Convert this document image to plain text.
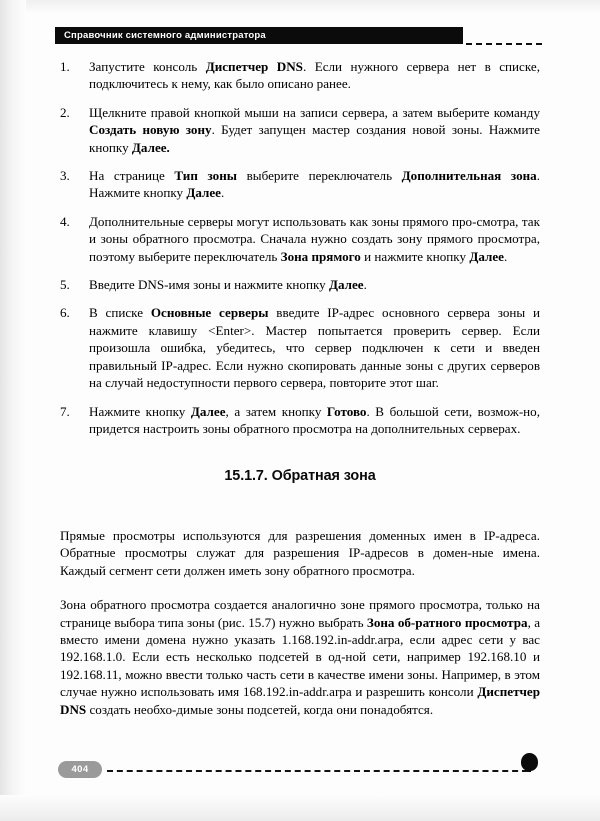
Справочник системного администратора
1.	Запустите консоль Диспетчер DNS. Если нужного сервера нет в списке, подключитесь к нему, как было описано ранее.
2.	Щелкните правой кнопкой мыши на записи сервера, а затем выберите команду Создать новую зону. Будет запущен мастер создания новой зоны. Нажмите кнопку Далее.
3.	На странице Тип зоны выберите переключатель Дополнительная зона. Нажмите кнопку Далее.
4.	Дополнительные серверы могут использовать как зоны прямого про-смотра, так и зоны обратного просмотра. Сначала нужно создать зону прямого просмотра, поэтому выберите переключатель Зона прямого и нажмите кнопку Далее.
5.	Введите DNS-имя зоны и нажмите кнопку Далее.
6.	В списке Основные серверы введите IP-адрес основного сервера зоны и нажмите клавишу <Enter>. Мастер попытается проверить сервер. Если произошла ошибка, убедитесь, что сервер подключен к сети и введен правильный IP-адрес. Если нужно скопировать данные зоны с других серверов на случай недоступности первого сервера, повторите этот шаг.
7.	Нажмите кнопку Далее, а затем кнопку Готово. В большой сети, возмож-но, придется настроить зоны обратного просмотра на дополнительных серверах.
15.1.7. Обратная зона

Прямые просмотры используются для разрешения доменных имен в IP-адреса. Обратные просмотры служат для разрешения IP-адресов в домен-ные имена. Каждый сегмент сети должен иметь зону обратного просмотра.

Зона обратного просмотра создается аналогично зоне прямого просмотра, только на странице выбора типа зоны (рис. 15.7) нужно выбрать Зона об-ратного просмотра, а вместо имени домена нужно указать 1.168.192.in-addr.arpa, если адрес сети у вас 192.168.1.0. Если есть несколько подсетей в од-ной сети, например 192.168.10 и 192.168.11, можно ввести только часть сети в качестве имени зоны. Например, в этом случае нужно использовать имя 168.192.in-addr.arpa и разрешить консоли Диспетчер DNS создать необхо-димые зоны подсетей, когда они понадобятся.

404
